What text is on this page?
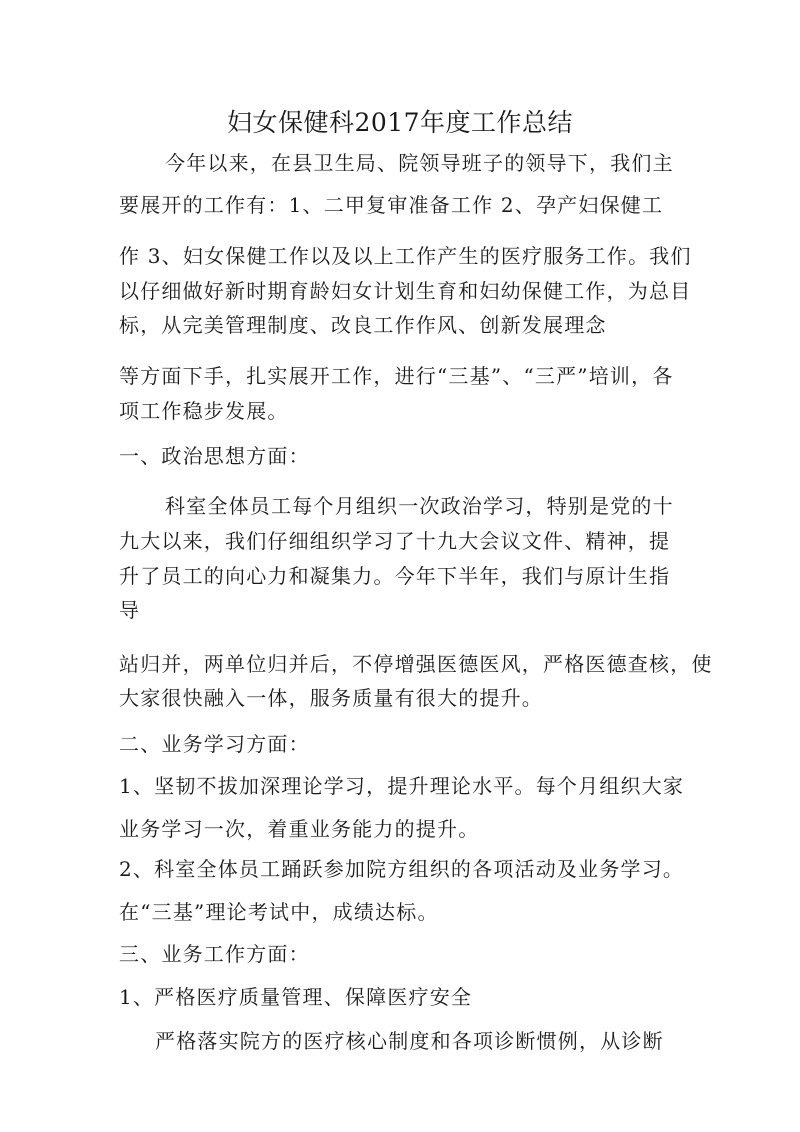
妇女保健科2017年度工作总结
今年以来，在县卫生局、院领导班子的领导下，我们主
要展开的工作有：1、二甲复审准备工作 2、孕产妇保健工
作 3、妇女保健工作以及以上工作产生的医疗服务工作。我们
以仔细做好新时期育龄妇女计划生育和妇幼保健工作，为总目
标，从完美管理制度、改良工作作风、创新发展理念
等方面下手，扎实展开工作，进行“三基”、“三严”培训，各
项工作稳步发展。
一、政治思想方面：
科室全体员工每个月组织一次政治学习，特别是党的十
九大以来，我们仔细组织学习了十九大会议文件、精神，提
升了员工的向心力和凝集力。今年下半年，我们与原计生指
导
站归并，两单位归并后，不停增强医德医风，严格医德查核，使
大家很快融入一体，服务质量有很大的提升。
二、业务学习方面：
1、坚韧不拔加深理论学习，提升理论水平。每个月组织大家
业务学习一次，着重业务能力的提升。
2、科室全体员工踊跃参加院方组织的各项活动及业务学习。
在“三基”理论考试中，成绩达标。
三、业务工作方面：
1、严格医疗质量管理、保障医疗安全
严格落实院方的医疗核心制度和各项诊断惯例，从诊断
